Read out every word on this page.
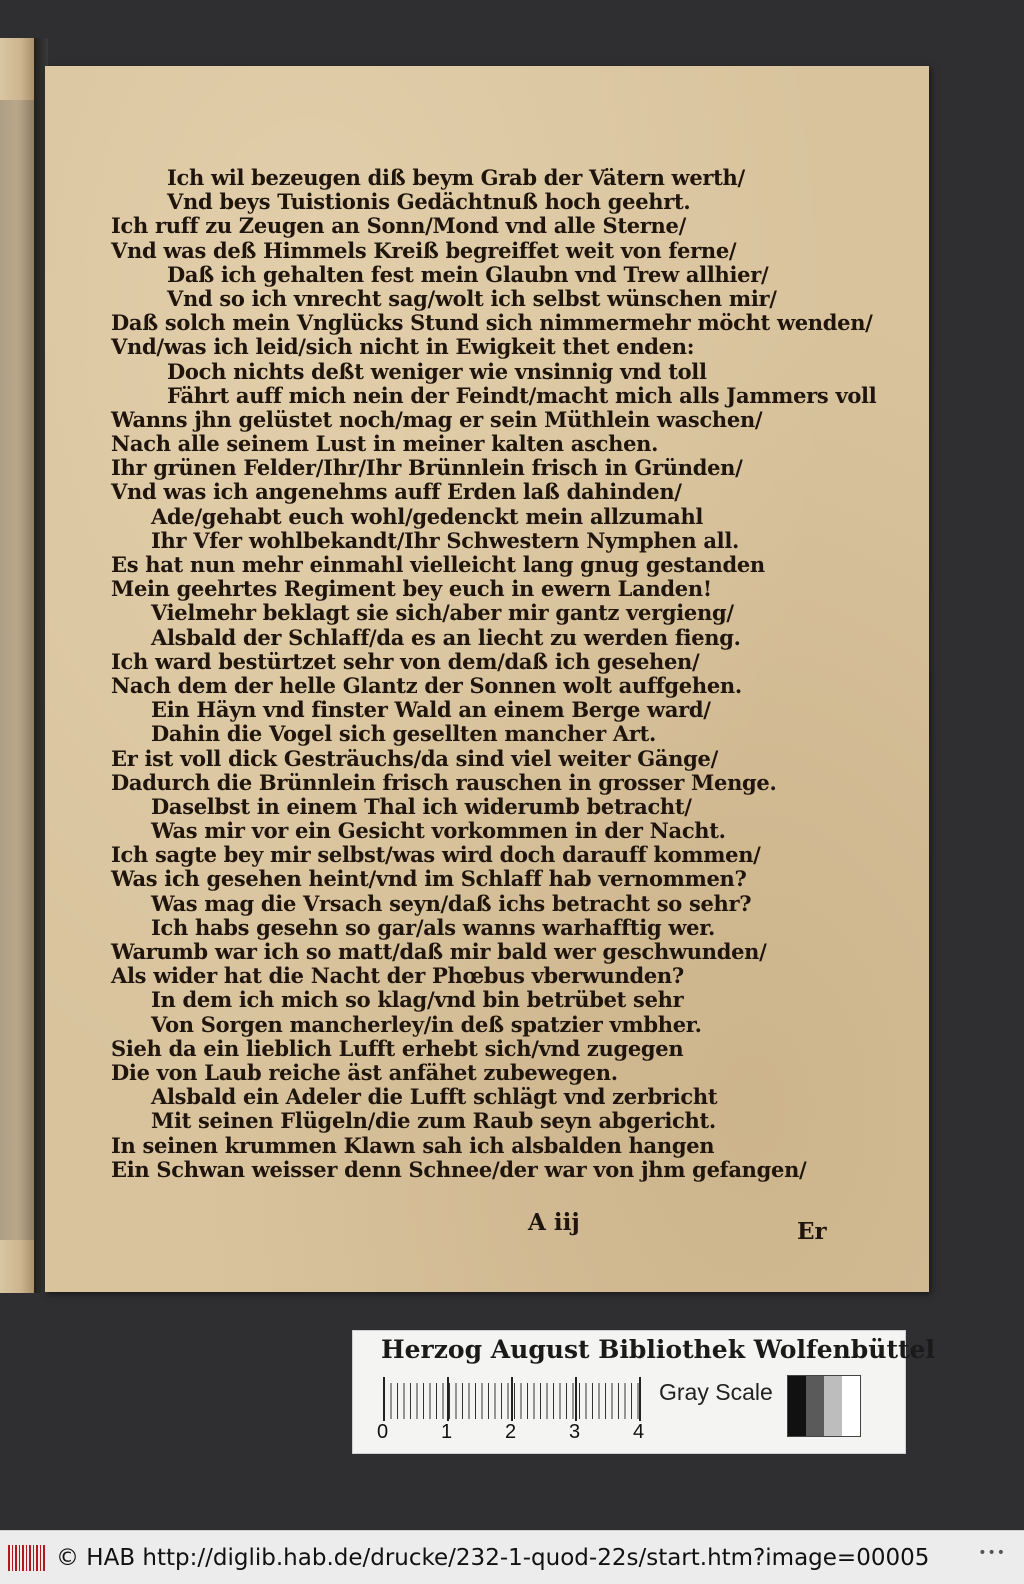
Ich wil bezeugen diß beym Grab der Vätern werth/
Vnd beys Tuistionis Gedächtnuß hoch geehrt.
Ich ruff zu Zeugen an Sonn/Mond vnd alle Sterne/
Vnd was deß Himmels Kreiß begreiffet weit von ferne/
Daß ich gehalten fest mein Glaubn vnd Trew allhier/
Vnd so ich vnrecht sag/wolt ich selbst wünschen mir/
Daß solch mein Vnglücks Stund sich nimmermehr möcht wenden/
Vnd/was ich leid/sich nicht in Ewigkeit thet enden:
Doch nichts deßt weniger wie vnsinnig vnd toll
Fährt auff mich nein der Feindt/macht mich alls Jammers voll
Wanns jhn gelüstet noch/mag er sein Müthlein waschen/
Nach alle seinem Lust in meiner kalten aschen.
Ihr grünen Felder/Ihr/Ihr Brünnlein frisch in Gründen/
Vnd was ich angenehms auff Erden laß dahinden/
Ade/gehabt euch wohl/gedenckt mein allzumahl
Ihr Vfer wohlbekandt/Ihr Schwestern Nymphen all.
Es hat nun mehr einmahl vielleicht lang gnug gestanden
Mein geehrtes Regiment bey euch in ewern Landen!
Vielmehr beklagt sie sich/aber mir gantz vergieng/
Alsbald der Schlaff/da es an liecht zu werden fieng.
Ich ward bestürtzet sehr von dem/daß ich gesehen/
Nach dem der helle Glantz der Sonnen wolt auffgehen.
Ein Häyn vnd finster Wald an einem Berge ward/
Dahin die Vogel sich gesellten mancher Art.
Er ist voll dick Gesträuchs/da sind viel weiter Gänge/
Dadurch die Brünnlein frisch rauschen in grosser Menge.
Daselbst in einem Thal ich widerumb betracht/
Was mir vor ein Gesicht vorkommen in der Nacht.
Ich sagte bey mir selbst/was wird doch darauff kommen/
Was ich gesehen heint/vnd im Schlaff hab vernommen?
Was mag die Vrsach seyn/daß ichs betracht so sehr?
Ich habs gesehn so gar/als wanns warhafftig wer.
Warumb war ich so matt/daß mir bald wer geschwunden/
Als wider hat die Nacht der Phœbus vberwunden?
In dem ich mich so klag/vnd bin betrübet sehr
Von Sorgen mancherley/in deß spatzier vmbher.
Sieh da ein lieblich Lufft erhebt sich/vnd zugegen
Die von Laub reiche äst anfähet zubewegen.
Alsbald ein Adeler die Lufft schlägt vnd zerbricht
Mit seinen Flügeln/die zum Raub seyn abgericht.
In seinen krummen Klawn sah ich alsbalden hangen
Ein Schwan weisser denn Schnee/der war von jhm gefangen/
A iij	Er
Herzog August Bibliothek Wolfenbüttel
0	1	2	3	4
Gray Scale
© HAB http://diglib.hab.de/drucke/232-1-quod-22s/start.htm?image=00005	•••
